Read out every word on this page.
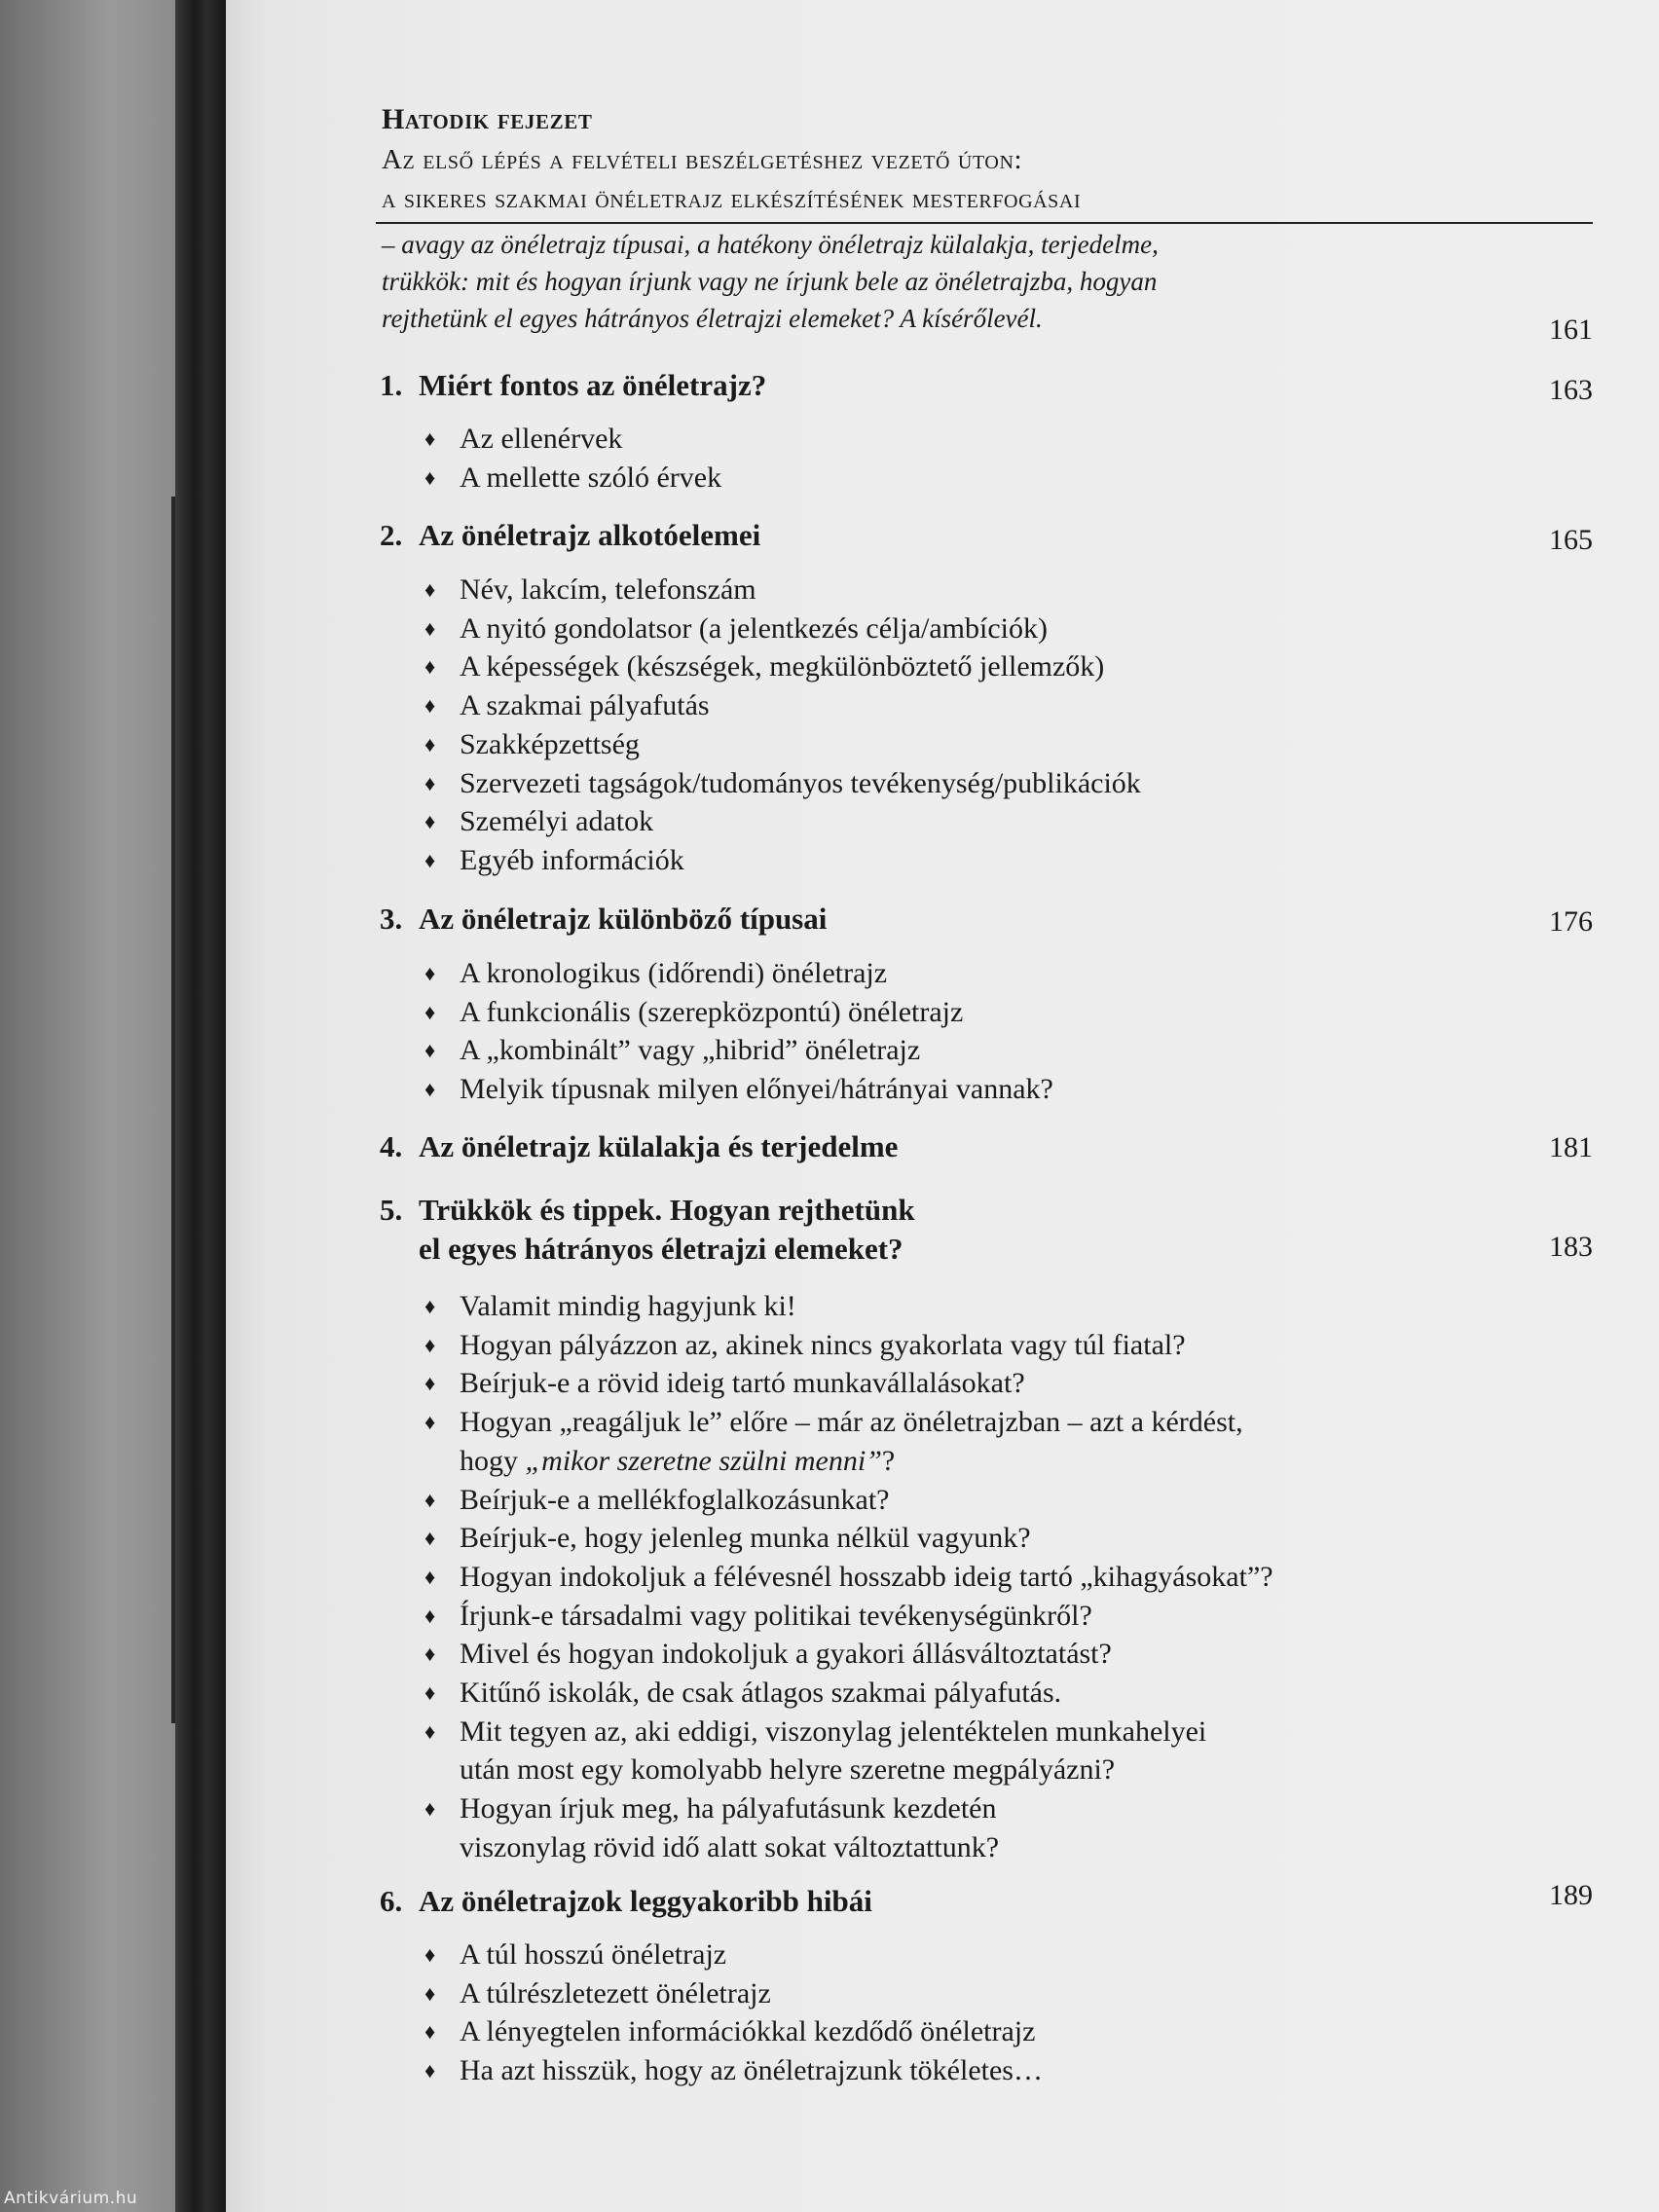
Hatodik fejezet
Az első lépés a felvételi beszélgetéshez vezető úton:
a sikeres szakmai önéletrajz elkészítésének mesterfogásai
– avagy az önéletrajz típusai, a hatékony önéletrajz külalakja, terjedelme,
trükkök: mit és hogyan írjunk vagy ne írjunk bele az önéletrajzba, hogyan
rejthetünk el egyes hátrányos életrajzi elemeket? A kísérőlevél.	161
1. Miért fontos az önéletrajz?	163
♦ Az ellenérvek
♦ A mellette szóló érvek
2. Az önéletrajz alkotóelemei	165
♦ Név, lakcím, telefonszám
♦ A nyitó gondolatsor (a jelentkezés célja/ambíciók)
♦ A képességek (készségek, megkülönböztető jellemzők)
♦ A szakmai pályafutás
♦ Szakképzettség
♦ Szervezeti tagságok/tudományos tevékenység/publikációk
♦ Személyi adatok
♦ Egyéb információk
3. Az önéletrajz különböző típusai	176
♦ A kronologikus (időrendi) önéletrajz
♦ A funkcionális (szerepközpontú) önéletrajz
♦ A „kombinált” vagy „hibrid” önéletrajz
♦ Melyik típusnak milyen előnyei/hátrányai vannak?
4. Az önéletrajz külalakja és terjedelme	181
5. Trükkök és tippek. Hogyan rejthetünk
el egyes hátrányos életrajzi elemeket?	183
♦ Valamit mindig hagyjunk ki!
♦ Hogyan pályázzon az, akinek nincs gyakorlata vagy túl fiatal?
♦ Beírjuk-e a rövid ideig tartó munkavállalásokat?
♦ Hogyan „reagáljuk le” előre – már az önéletrajzban – azt a kérdést,
hogy „mikor szeretne szülni menni”?
♦ Beírjuk-e a mellékfoglalkozásunkat?
♦ Beírjuk-e, hogy jelenleg munka nélkül vagyunk?
♦ Hogyan indokoljuk a félévesnél hosszabb ideig tartó „kihagyásokat”?
♦ Írjunk-e társadalmi vagy politikai tevékenységünkről?
♦ Mivel és hogyan indokoljuk a gyakori állásváltoztatást?
♦ Kitűnő iskolák, de csak átlagos szakmai pályafutás.
♦ Mit tegyen az, aki eddigi, viszonylag jelentéktelen munkahelyei
után most egy komolyabb helyre szeretne megpályázni?
♦ Hogyan írjuk meg, ha pályafutásunk kezdetén
viszonylag rövid idő alatt sokat változtattunk?
6. Az önéletrajzok leggyakoribb hibái	189
♦ A túl hosszú önéletrajz
♦ A túlrészletezett önéletrajz
♦ A lényegtelen információkkal kezdődő önéletrajz
♦ Ha azt hisszük, hogy az önéletrajzunk tökéletes…
Antikvárium.hu
